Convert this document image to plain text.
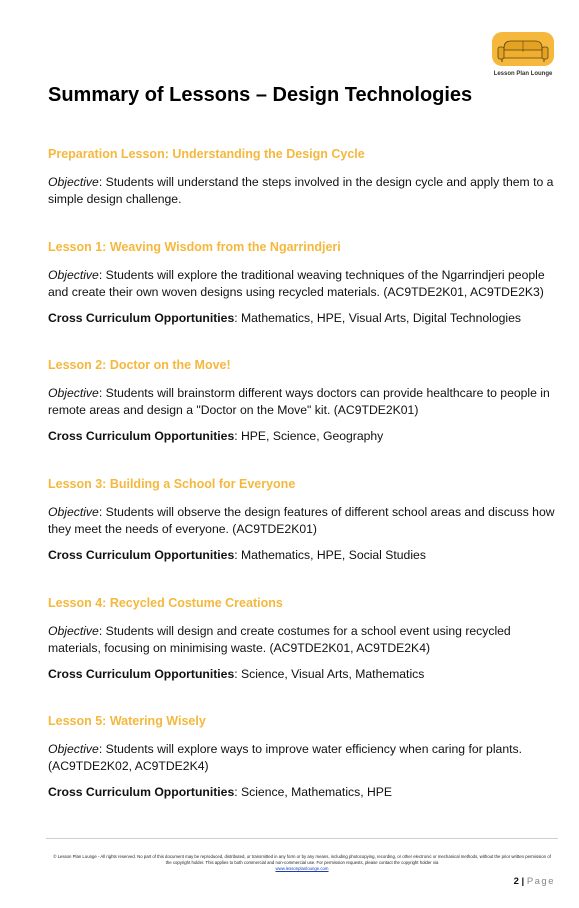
Lesson Plan Lounge
Summary of Lessons – Design Technologies

Preparation Lesson: Understanding the Design Cycle

Objective: Students will understand the steps involved in the design cycle and apply them to a simple design challenge.

Lesson 1: Weaving Wisdom from the Ngarrindjeri

Objective: Students will explore the traditional weaving techniques of the Ngarrindjeri people and create their own woven designs using recycled materials. (AC9TDE2K01, AC9TDE2K3)

Cross Curriculum Opportunities: Mathematics, HPE, Visual Arts, Digital Technologies

Lesson 2: Doctor on the Move!

Objective: Students will brainstorm different ways doctors can provide healthcare to people in remote areas and design a "Doctor on the Move" kit. (AC9TDE2K01)

Cross Curriculum Opportunities: HPE, Science, Geography

Lesson 3: Building a School for Everyone

Objective: Students will observe the design features of different school areas and discuss how they meet the needs of everyone. (AC9TDE2K01)

Cross Curriculum Opportunities: Mathematics, HPE, Social Studies

Lesson 4: Recycled Costume Creations

Objective: Students will design and create costumes for a school event using recycled materials, focusing on minimising waste. (AC9TDE2K01, AC9TDE2K4)

Cross Curriculum Opportunities: Science, Visual Arts, Mathematics

Lesson 5: Watering Wisely

Objective: Students will explore ways to improve water efficiency when caring for plants. (AC9TDE2K02, AC9TDE2K4)

Cross Curriculum Opportunities: Science, Mathematics, HPE

© Lesson Plan Lounge - All rights reserved. No part of this document may be reproduced, distributed, or transmitted in any form or by any means, including photocopying, recording, or other electronic or mechanical methods, without the prior written permission of the copyright holder. This applies to both commercial and non-commercial use. For permission requests, please contact the copyright holder via
www.lessonplanlounge.com
2 | Page
